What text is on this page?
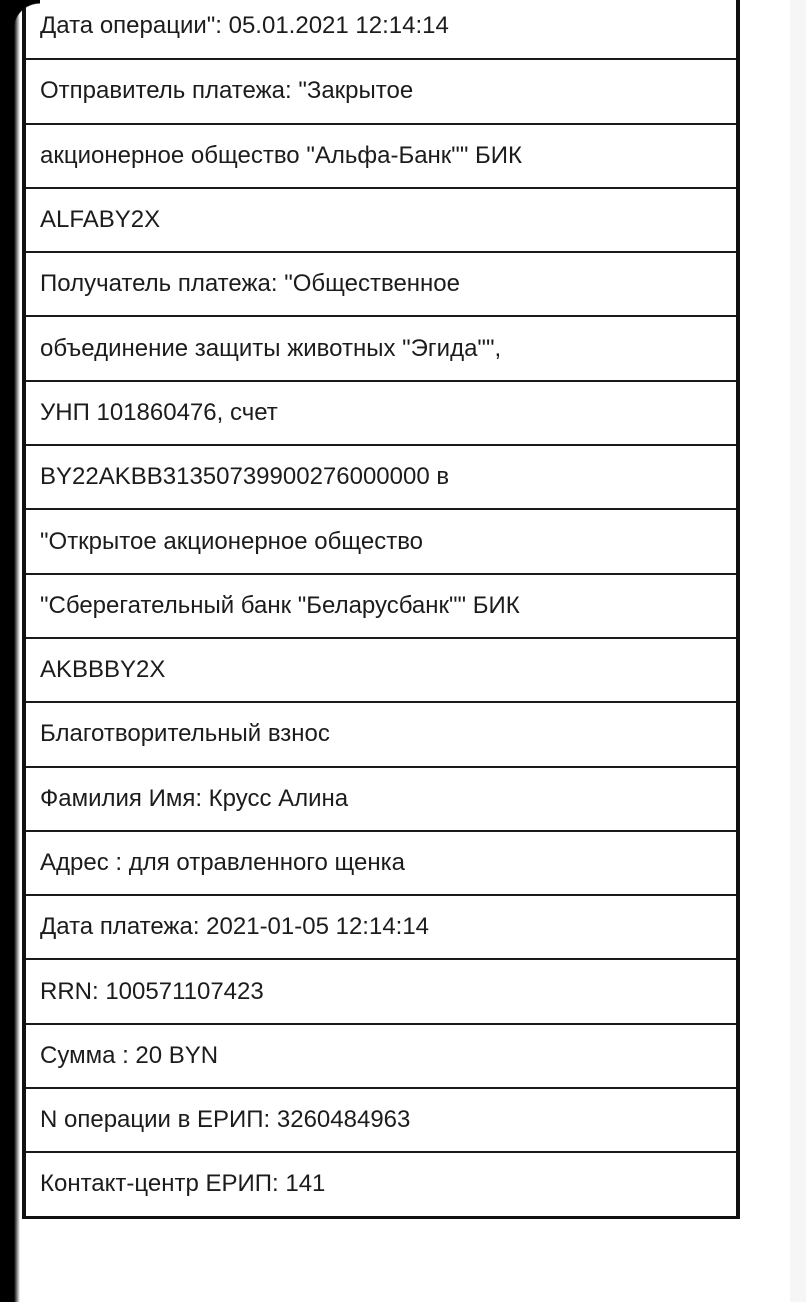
Дата операции": 05.01.2021 12:14:14
Отправитель платежа: "Закрытое
акционерное общество "Альфа-Банк"" БИК
ALFABY2X
Получатель платежа: "Общественное
объединение защиты животных "Эгида"",
УНП 101860476, счет
BY22AKBB31350739900276000000 в
"Открытое акционерное общество
"Сберегательный банк "Беларусбанк"" БИК
AKBBBY2X
Благотворительный взнос
Фамилия Имя: Крусс Алина
Адрес : для отравленного щенка
Дата платежа: 2021-01-05 12:14:14
RRN: 100571107423
Сумма : 20 BYN
N операции в ЕРИП: 3260484963
Контакт-центр ЕРИП: 141
